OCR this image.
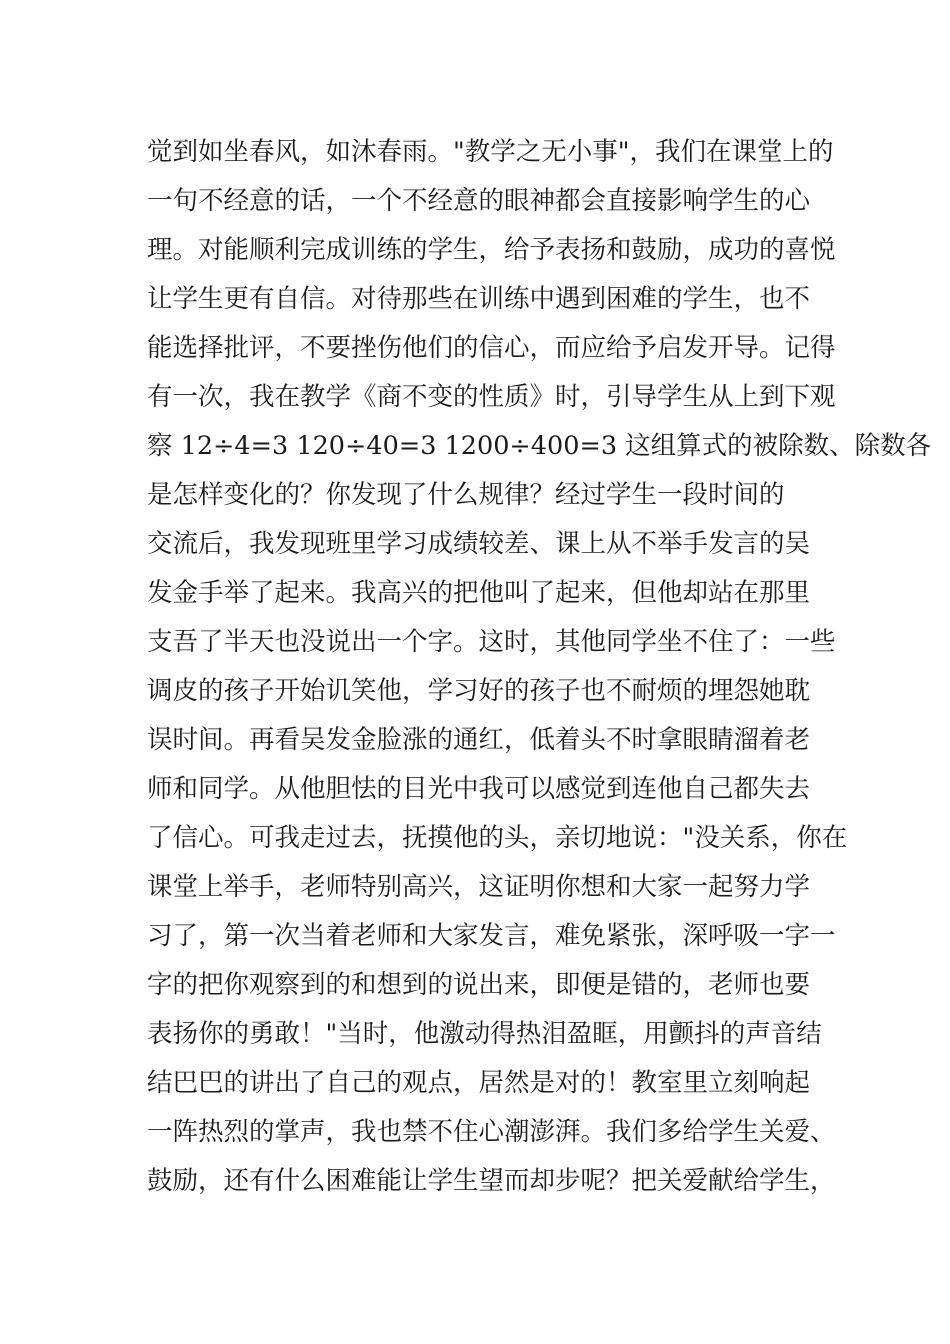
觉到如坐春风，如沐春雨。"教学之无小事"，我们在课堂上的
一句不经意的话，一个不经意的眼神都会直接影响学生的心
理。对能顺利完成训练的学生，给予表扬和鼓励，成功的喜悦
让学生更有自信。对待那些在训练中遇到困难的学生，也不
能选择批评，不要挫伤他们的信心，而应给予启发开导。记得
有一次，我在教学《商不变的性质》时，引导学生从上到下观
察 12÷4=3 120÷40=3 1200÷400=3 这组算式的被除数、除数各
是怎样变化的？你发现了什么规律？经过学生一段时间的
交流后，我发现班里学习成绩较差、课上从不举手发言的吴
发金手举了起来。我高兴的把他叫了起来，但他却站在那里
支吾了半天也没说出一个字。这时，其他同学坐不住了：一些
调皮的孩子开始讥笑他，学习好的孩子也不耐烦的埋怨她耽
误时间。再看吴发金脸涨的通红，低着头不时拿眼睛溜着老
师和同学。从他胆怯的目光中我可以感觉到连他自己都失去
了信心。可我走过去，抚摸他的头，亲切地说："没关系，你在
课堂上举手，老师特别高兴，这证明你想和大家一起努力学
习了，第一次当着老师和大家发言，难免紧张，深呼吸一字一
字的把你观察到的和想到的说出来，即便是错的，老师也要
表扬你的勇敢！"当时，他激动得热泪盈眶，用颤抖的声音结
结巴巴的讲出了自己的观点，居然是对的！教室里立刻响起
一阵热烈的掌声，我也禁不住心潮澎湃。我们多给学生关爱、
鼓励，还有什么困难能让学生望而却步呢？把关爱献给学生，
